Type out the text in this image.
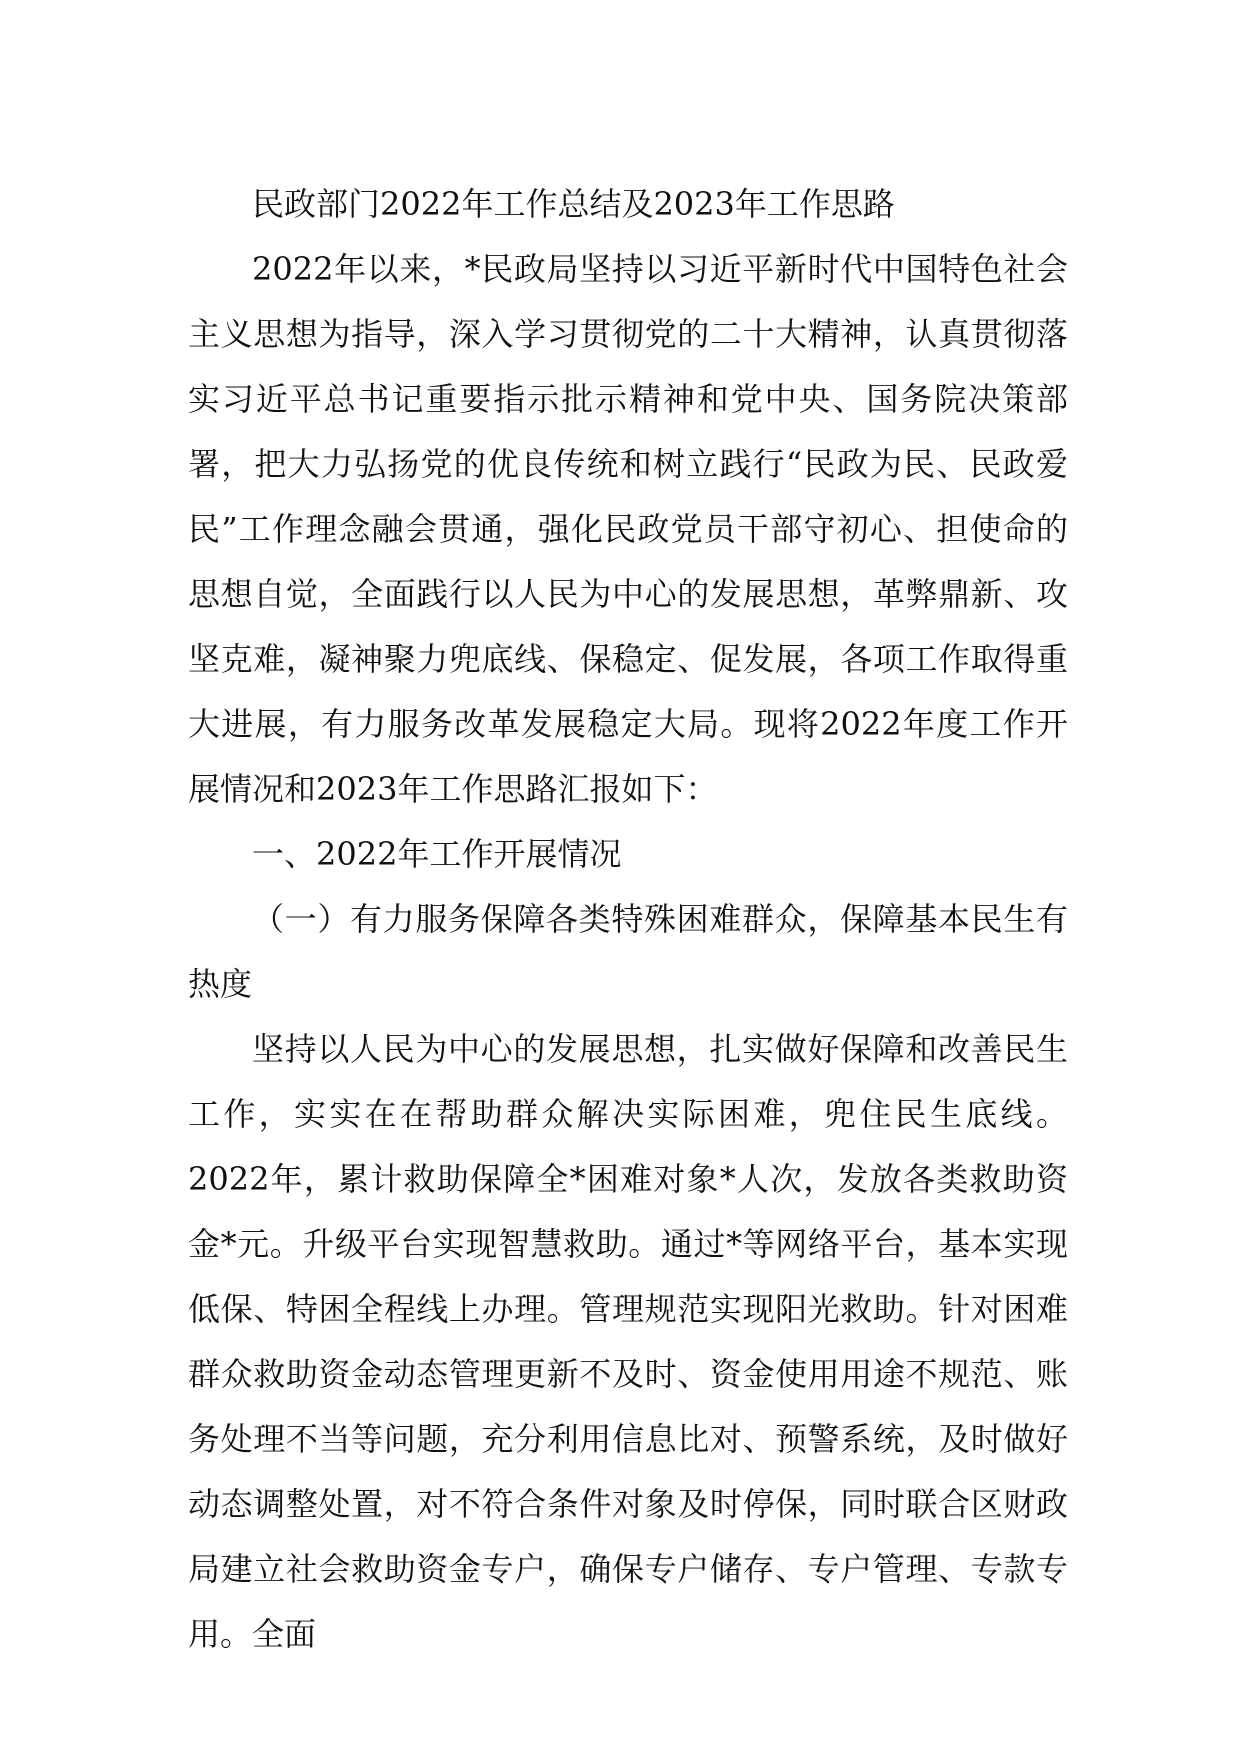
民政部门2022年工作总结及2023年工作思路

2022年以来，*民政局坚持以习近平新时代中国特色社会主义思想为指导，深入学习贯彻党的二十大精神，认真贯彻落实习近平总书记重要指示批示精神和党中央、国务院决策部署，把大力弘扬党的优良传统和树立践行“民政为民、民政爱民”工作理念融会贯通，强化民政党员干部守初心、担使命的思想自觉，全面践行以人民为中心的发展思想，革弊鼎新、攻坚克难，凝神聚力兜底线、保稳定、促发展，各项工作取得重大进展，有力服务改革发展稳定大局。现将2022年度工作开展情况和2023年工作思路汇报如下：

一、2022年工作开展情况

（一）有力服务保障各类特殊困难群众，保障基本民生有热度

坚持以人民为中心的发展思想，扎实做好保障和改善民生工作，实实在在帮助群众解决实际困难，兜住民生底线。2022年，累计救助保障全*困难对象*人次，发放各类救助资金*元。升级平台实现智慧救助。通过*等网络平台，基本实现低保、特困全程线上办理。管理规范实现阳光救助。针对困难群众救助资金动态管理更新不及时、资金使用用途不规范、账务处理不当等问题，充分利用信息比对、预警系统，及时做好动态调整处置，对不符合条件对象及时停保，同时联合区财政局建立社会救助资金专户，确保专户储存、专户管理、专款专用。全面
